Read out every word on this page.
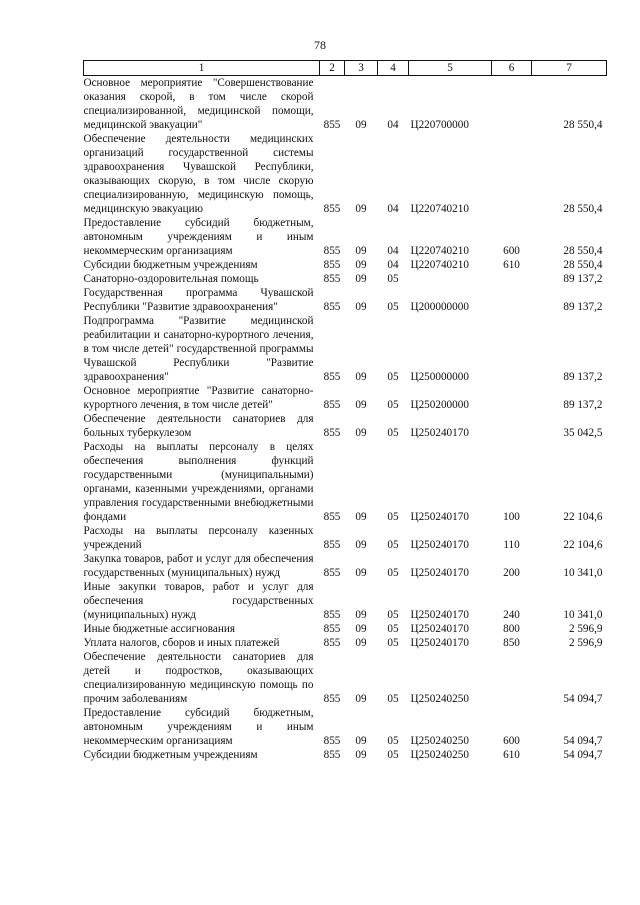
78
1	2	3	4	5	6	7
Основное мероприятие "Совершенствование оказания скорой, в том числе скорой специализированной, медицинской помощи, медицинской эвакуации"	855	09	04	Ц220700000		28 550,4
Обеспечение деятельности медицинских организаций государственной системы здравоохранения Чувашской Республики, оказывающих скорую, в том числе скорую специализированную, медицинскую помощь, медицинскую эвакуацию	855	09	04	Ц220740210		28 550,4
Предоставление субсидий бюджетным, автономным учреждениям и иным некоммерческим организациям	855	09	04	Ц220740210	600	28 550,4
Субсидии бюджетным учреждениям	855	09	04	Ц220740210	610	28 550,4
Санаторно-оздоровительная помощь	855	09	05			89 137,2
Государственная программа Чувашской Республики "Развитие здравоохранения"	855	09	05	Ц200000000		89 137,2
Подпрограмма "Развитие медицинской реабилитации и санаторно-курортного лечения, в том числе детей" государственной программы Чувашской Республики "Развитие здравоохранения"	855	09	05	Ц250000000		89 137,2
Основное мероприятие "Развитие санаторно-курортного лечения, в том числе детей"	855	09	05	Ц250200000		89 137,2
Обеспечение деятельности санаториев для больных туберкулезом	855	09	05	Ц250240170		35 042,5
Расходы на выплаты персоналу в целях обеспечения выполнения функций государственными (муниципальными) органами, казенными учреждениями, органами управления государственными внебюджетными фондами	855	09	05	Ц250240170	100	22 104,6
Расходы на выплаты персоналу казенных учреждений	855	09	05	Ц250240170	110	22 104,6
Закупка товаров, работ и услуг для обеспечения государственных (муниципальных) нужд	855	09	05	Ц250240170	200	10 341,0
Иные закупки товаров, работ и услуг для обеспечения государственных (муниципальных) нужд	855	09	05	Ц250240170	240	10 341,0
Иные бюджетные ассигнования	855	09	05	Ц250240170	800	2 596,9
Уплата налогов, сборов и иных платежей	855	09	05	Ц250240170	850	2 596,9
Обеспечение деятельности санаториев для детей и подростков, оказывающих специализированную медицинскую помощь по прочим заболеваниям	855	09	05	Ц250240250		54 094,7
Предоставление субсидий бюджетным, автономным учреждениям и иным некоммерческим организациям	855	09	05	Ц250240250	600	54 094,7
Субсидии бюджетным учреждениям	855	09	05	Ц250240250	610	54 094,7
